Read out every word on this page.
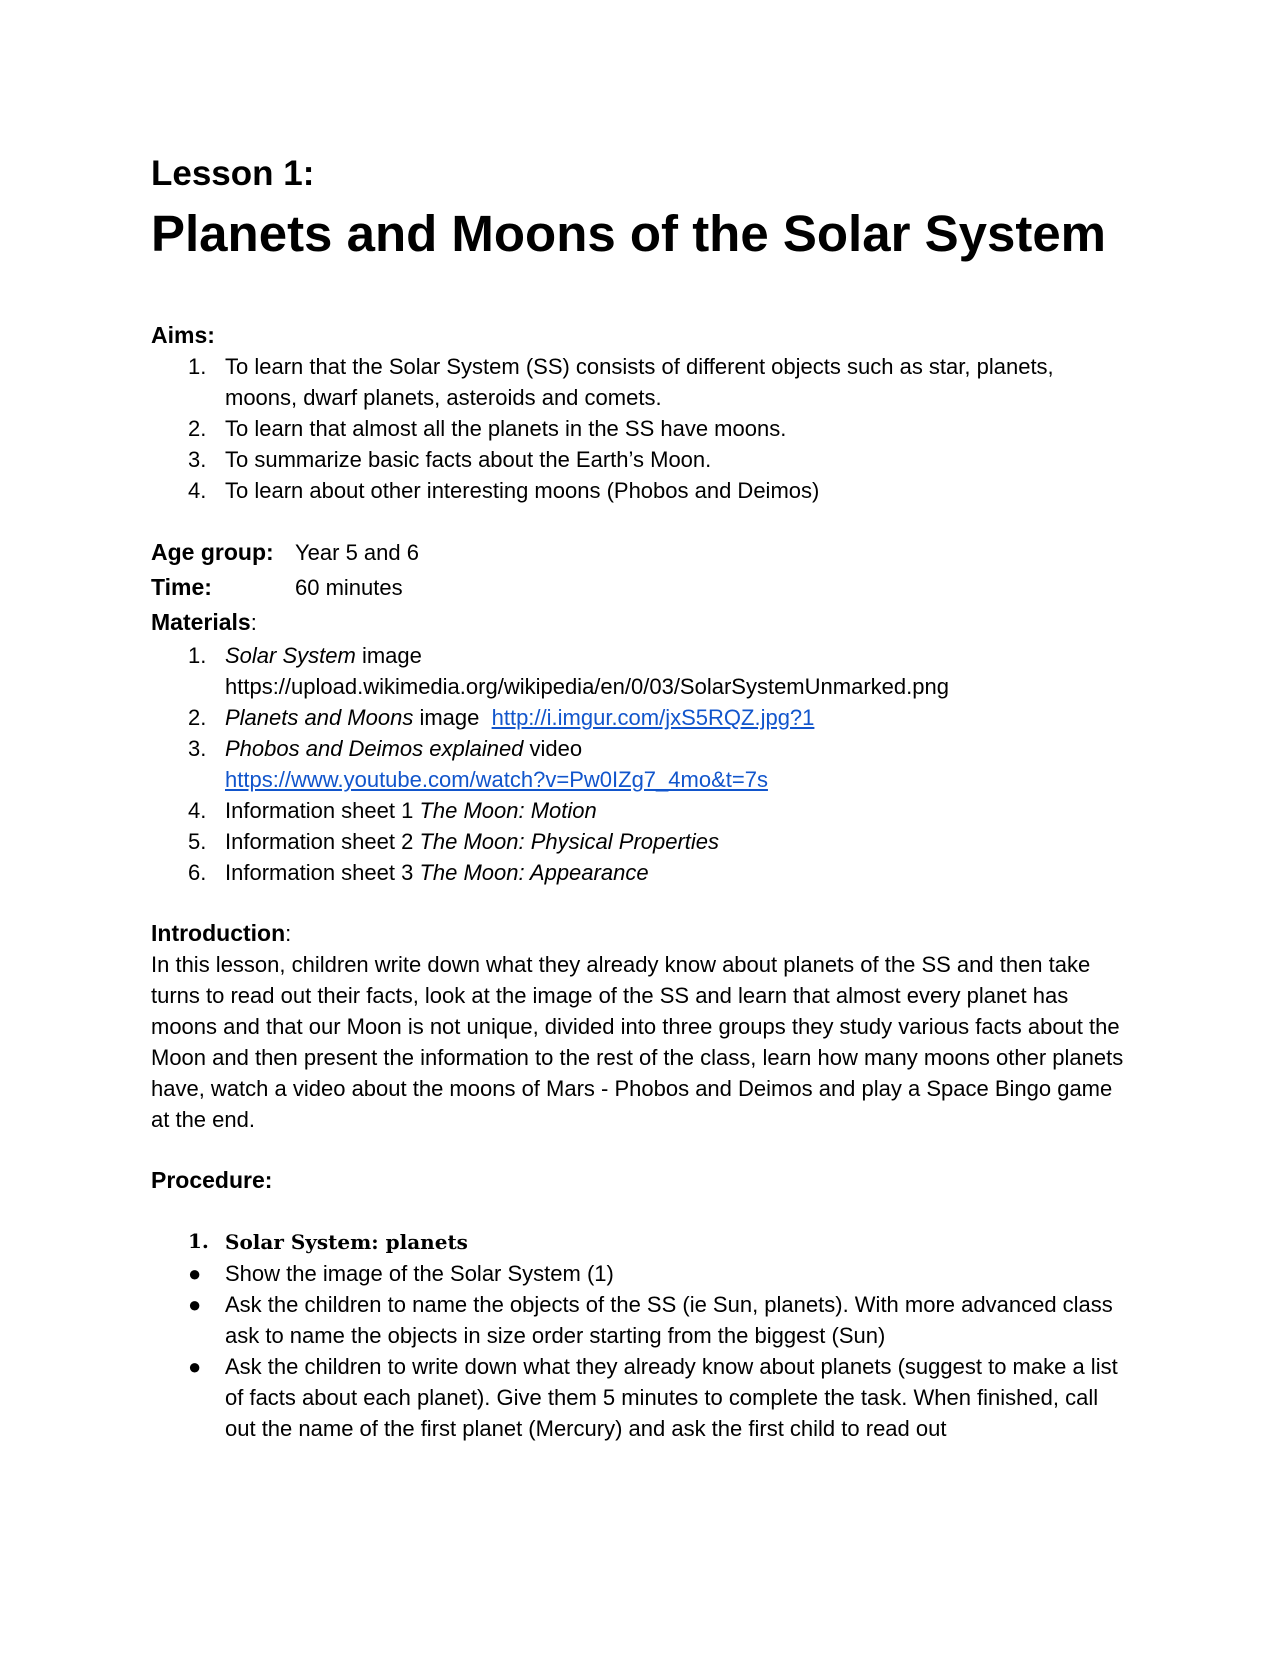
Lesson 1:
Planets and Moons of the Solar System
Aims:
1. To learn that the Solar System (SS) consists of different objects such as star, planets, moons, dwarf planets, asteroids and comets.
2. To learn that almost all the planets in the SS have moons.
3. To summarize basic facts about the Earth’s Moon.
4. To learn about other interesting moons (Phobos and Deimos)
Age group: Year 5 and 6
Time:	60 minutes
Materials:
1. Solar System image
https://upload.wikimedia.org/wikipedia/en/0/03/SolarSystemUnmarked.png
2. Planets and Moons image  http://i.imgur.com/jxS5RQZ.jpg?1
3. Phobos and Deimos explained video
https://www.youtube.com/watch?v=Pw0IZg7_4mo&t=7s
4. Information sheet 1 The Moon: Motion
5. Information sheet 2 The Moon: Physical Properties
6. Information sheet 3 The Moon: Appearance
Introduction:
In this lesson, children write down what they already know about planets of the SS and then take turns to read out their facts, look at the image of the SS and learn that almost every planet has moons and that our Moon is not unique, divided into three groups they study various facts about the Moon and then present the information to the rest of the class, learn how many moons other planets have, watch a video about the moons of Mars - Phobos and Deimos and play a Space Bingo game at the end.
Procedure:
1. Solar System: planets
● Show the image of the Solar System (1)
● Ask the children to name the objects of the SS (ie Sun, planets). With more advanced class ask to name the objects in size order starting from the biggest (Sun)
● Ask the children to write down what they already know about planets (suggest to make a list of facts about each planet). Give them 5 minutes to complete the task. When finished, call out the name of the first planet (Mercury) and ask the first child to read out
